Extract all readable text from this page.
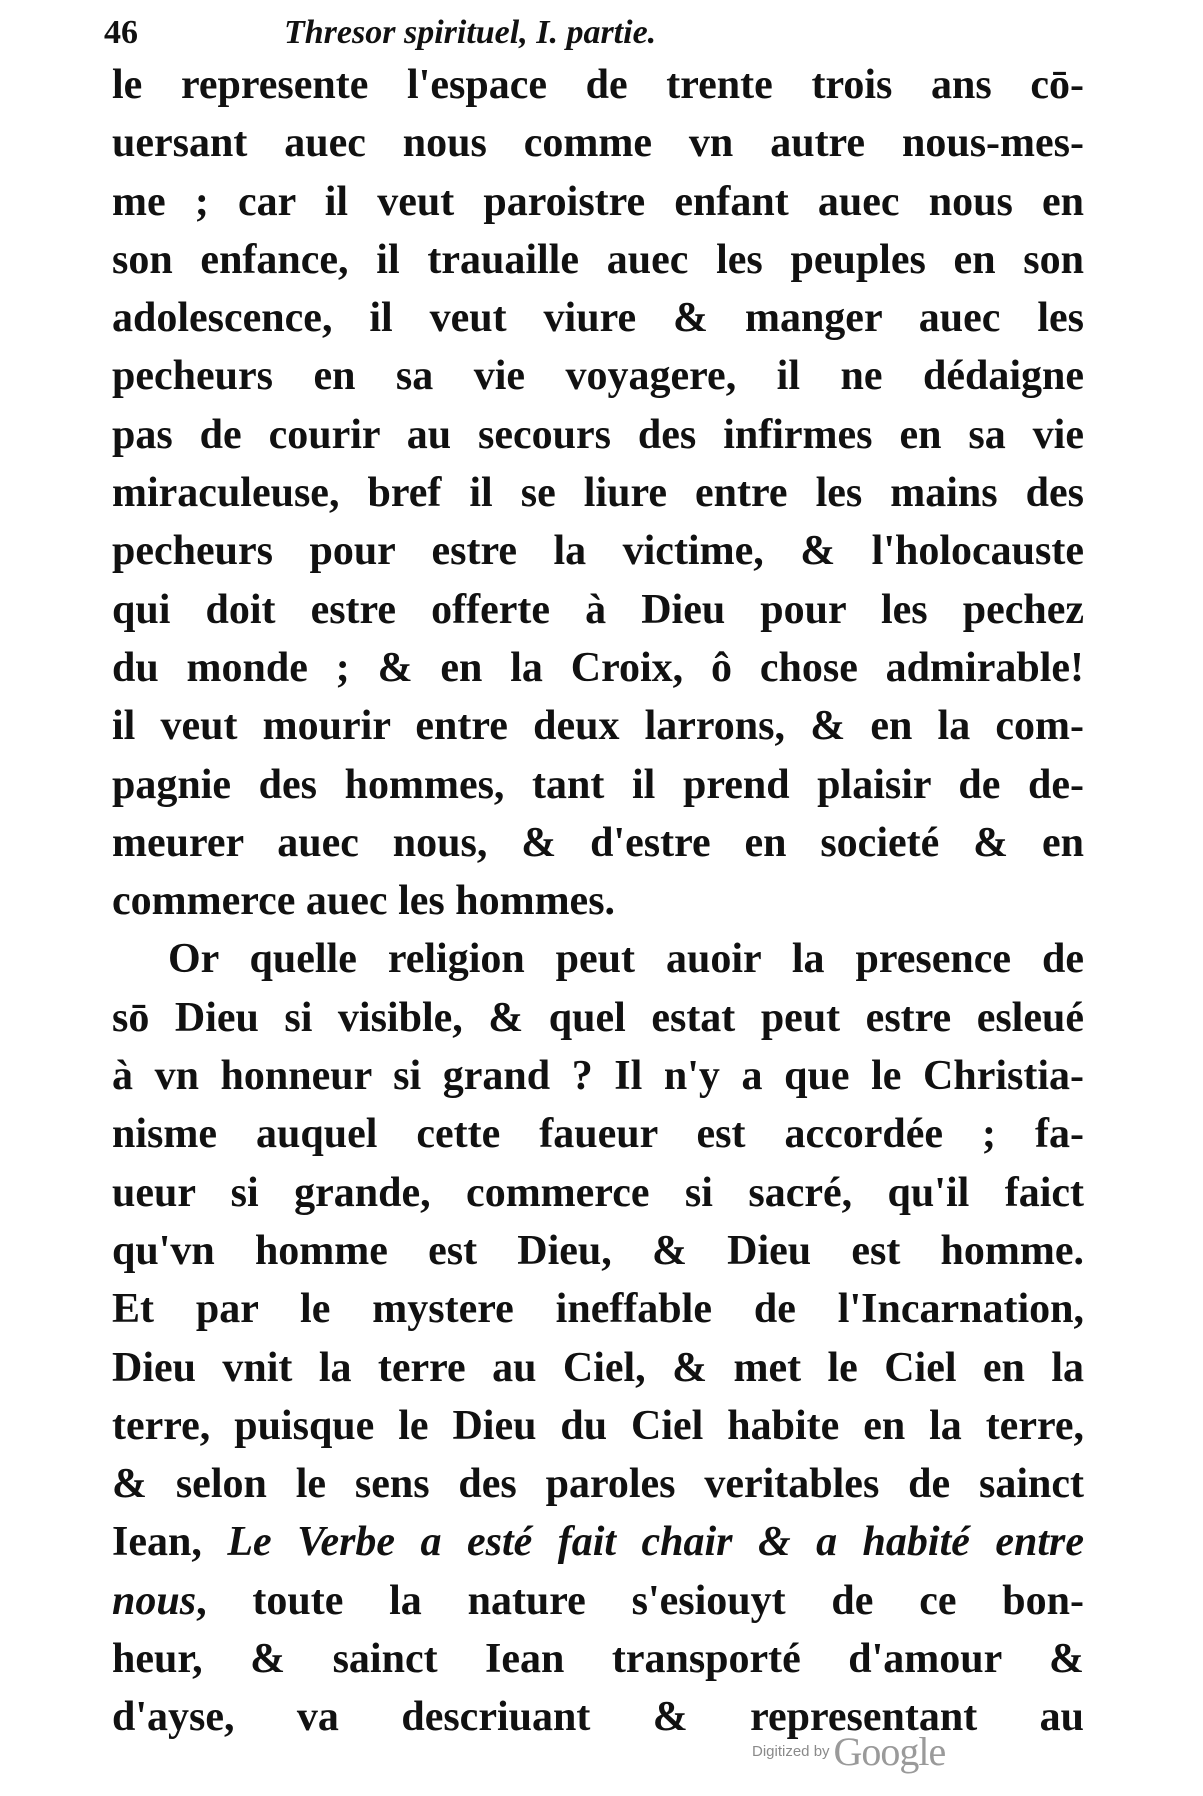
46	Thresor spirituel, I. partie.
le represente l'espace de trente trois ans cō-
uersant auec nous comme vn autre nous-mes-
me ; car il veut paroistre enfant auec nous en
son enfance, il trauaille auec les peuples en son
adolescence, il veut viure & manger auec les
pecheurs en sa vie voyagere, il ne dédaigne
pas de courir au secours des infirmes en sa vie
miraculeuse, bref il se liure entre les mains des
pecheurs pour estre la victime, & l'holocauste
qui doit estre offerte à Dieu pour les pechez
du monde ; & en la Croix, ô chose admirable!
il veut mourir entre deux larrons, & en la com-
pagnie des hommes, tant il prend plaisir de de-
meurer auec nous, & d'estre en societé & en
commerce auec les hommes.
Or quelle religion peut auoir la presence de
sō Dieu si visible, & quel estat peut estre esleué
à vn honneur si grand ? Il n'y a que le Christia-
nisme auquel cette faueur est accordée ; fa-
ueur si grande, commerce si sacré, qu'il faict
qu'vn homme est Dieu, & Dieu est homme.
Et par le mystere ineffable de l'Incarnation,
Dieu vnit la terre au Ciel, & met le Ciel en la
terre, puisque le Dieu du Ciel habite en la terre,
& selon le sens des paroles veritables de sainct
Iean, Le Verbe a esté fait chair & a habité entre
nous, toute la nature s'esiouyt de ce bon-
heur, & sainct Iean transporté d'amour &
d'ayse, va descriuant & representant au
Digitized by Google
